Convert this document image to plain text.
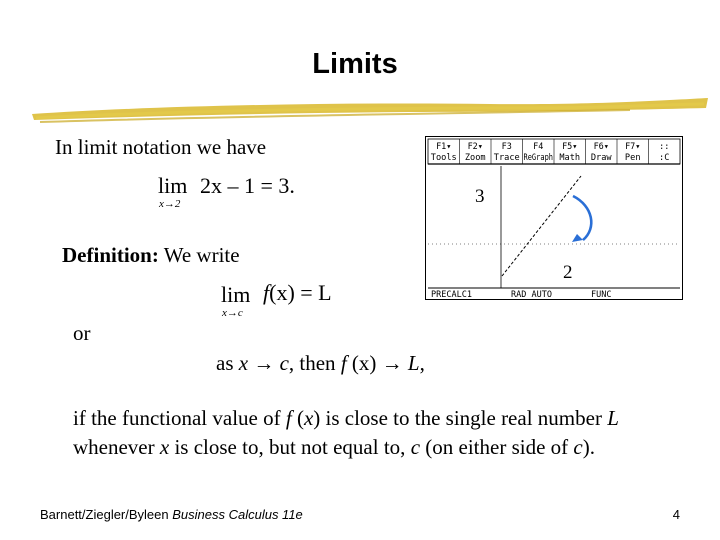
Limits
In limit notation we have
lim
x→2
2x – 1 = 3.
Definition: We write
lim
x→c
f(x) = L
or
as x → c, then f (x) → L,
if the functional value of f (x) is close to the single real number L whenever x is close to, but not equal to, c (on either side of c).
F1▾
Tools
F2▾
Zoom
F3
Trace
F4
ReGraph
F5▾
Math
F6▾
Draw
F7▾
Pen
::
:C
3
2
PRECALC1	RAD AUTO	FUNC
Barnett/Ziegler/Byleen Business Calculus 11e	4
